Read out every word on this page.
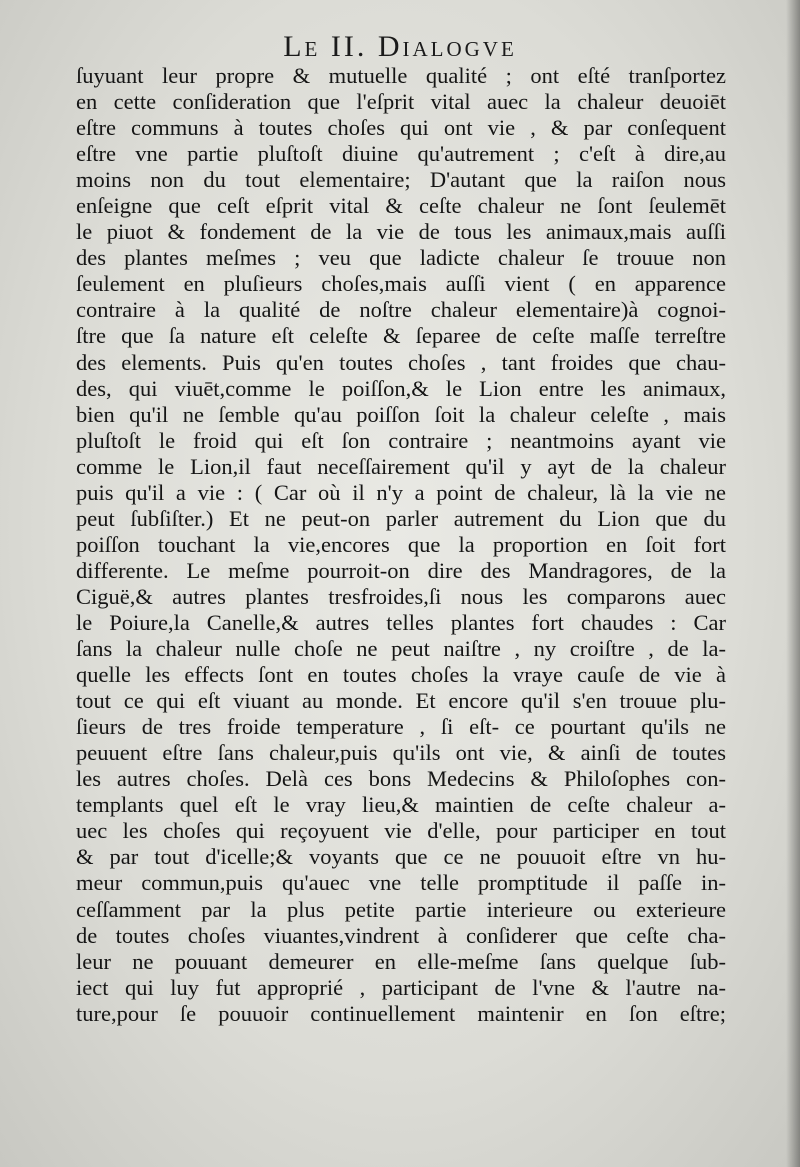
Le II. Dialogve
ſuyuant leur propre & mutuelle qualité ; ont eſté tranſportez
en cette conſideration que l'eſprit vital auec la chaleur deuoiēt
eſtre communs à toutes choſes qui ont vie , & par conſequent
eſtre vne partie pluſtoſt diuine qu'autrement ; c'eſt à dire,au
moins non du tout elementaire; D'autant que la raiſon nous
enſeigne que ceſt eſprit vital & ceſte chaleur ne ſont ſeulemēt
le piuot & fondement de la vie de tous les animaux,mais auſſi
des plantes meſmes ; veu que ladicte chaleur ſe trouue non
ſeulement en pluſieurs choſes,mais auſſi vient ( en apparence
contraire à la qualité de noſtre chaleur elementaire)à cognoi-
ſtre que ſa nature eſt celeſte & ſeparee de ceſte maſſe terreſtre
des elements. Puis qu'en toutes choſes , tant froides que chau-
des, qui viuēt,comme le poiſſon,& le Lion entre les animaux,
bien qu'il ne ſemble qu'au poiſſon ſoit la chaleur celeſte , mais
pluſtoſt le froid qui eſt ſon contraire ; neantmoins ayant vie
comme le Lion,il faut neceſſairement qu'il y ayt de la chaleur
puis qu'il a vie : ( Car où il n'y a point de chaleur, là la vie ne
peut ſubſiſter.) Et ne peut-on parler autrement du Lion que du
poiſſon touchant la vie,encores que la proportion en ſoit fort
differente. Le meſme pourroit-on dire des Mandragores, de la
Ciguë,& autres plantes tresfroides,ſi nous les comparons auec
le Poiure,la Canelle,& autres telles plantes fort chaudes : Car
ſans la chaleur nulle choſe ne peut naiſtre , ny croiſtre , de la-
quelle les effects ſont en toutes choſes la vraye cauſe de vie à
tout ce qui eſt viuant au monde. Et encore qu'il s'en trouue plu-
ſieurs de tres froide temperature , ſi eſt- ce pourtant qu'ils ne
peuuent eſtre ſans chaleur,puis qu'ils ont vie, & ainſi de toutes
les autres choſes. Delà ces bons Medecins & Philoſophes con-
templants quel eſt le vray lieu,& maintien de ceſte chaleur a-
uec les choſes qui reçoyuent vie d'elle, pour participer en tout
& par tout d'icelle;& voyants que ce ne pouuoit eſtre vn hu-
meur commun,puis qu'auec vne telle promptitude il paſſe in-
ceſſamment par la plus petite partie interieure ou exterieure
de toutes choſes viuantes,vindrent à conſiderer que ceſte cha-
leur ne pouuant demeurer en elle-meſme ſans quelque ſub-
iect qui luy fut approprié , participant de l'vne & l'autre na-
ture,pour ſe pouuoir continuellement maintenir en ſon eſtre;
